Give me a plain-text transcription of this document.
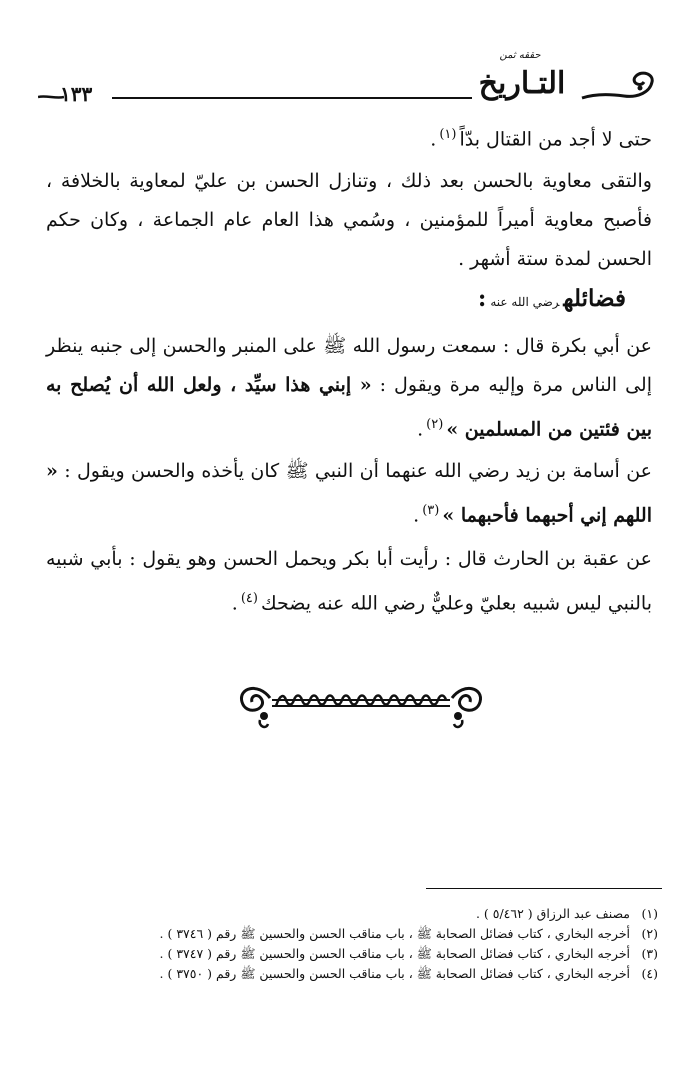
حققه ثمن
التـاريخ
١٣٣
حتى لا أجد من القتال بدّاً$^{(١)}$.
والتقى معاوية بالحسن بعد ذلك ، وتنازل الحسن بن عليّ لمعاوية بالخلافة ، فأصبح معاوية أميراً للمؤمنين ، وسُمي هذا العام عام الجماعة ، وكان حكم الحسن لمدة ستة أشهر .
فضائلهرضي الله عنه:
عن أبي بكرة قال : سمعت رسول الله ﷺ على المنبر والحسن إلى جنبه ينظر إلى الناس مرة وإليه مرة ويقول : « إبني هذا سيِّد ، ولعل الله أن يُصلح به بين فئتين من المسلمين »$^{(٢)}$.
عن أسامة بن زيد رضي الله عنهما أن النبي ﷺ كان يأخذه والحسن ويقول : « اللهم إني أحبهما فأحبهما »$^{(٣)}$.
عن عقبة بن الحارث قال : رأيت أبا بكر ويحمل الحسن وهو يقول : بأبي شبيه بالنبي ليس شبيه بعليّ وعليٌّ رضي الله عنه يضحك$^{(٤)}$.
(١) مصنف عبد الرزاق ( ٥/٤٦٢ ) .
(٢) أخرجه البخاري ، كتاب فضائل الصحابة ﷺ ، باب مناقب الحسن والحسين ﷺ رقم ( ٣٧٤٦ ) .
(٣) أخرجه البخاري ، كتاب فضائل الصحابة ﷺ ، باب مناقب الحسن والحسين ﷺ رقم ( ٣٧٤٧ ) .
(٤) أخرجه البخاري ، كتاب فضائل الصحابة ﷺ ، باب مناقب الحسن والحسين ﷺ رقم ( ٣٧٥٠ ) .
